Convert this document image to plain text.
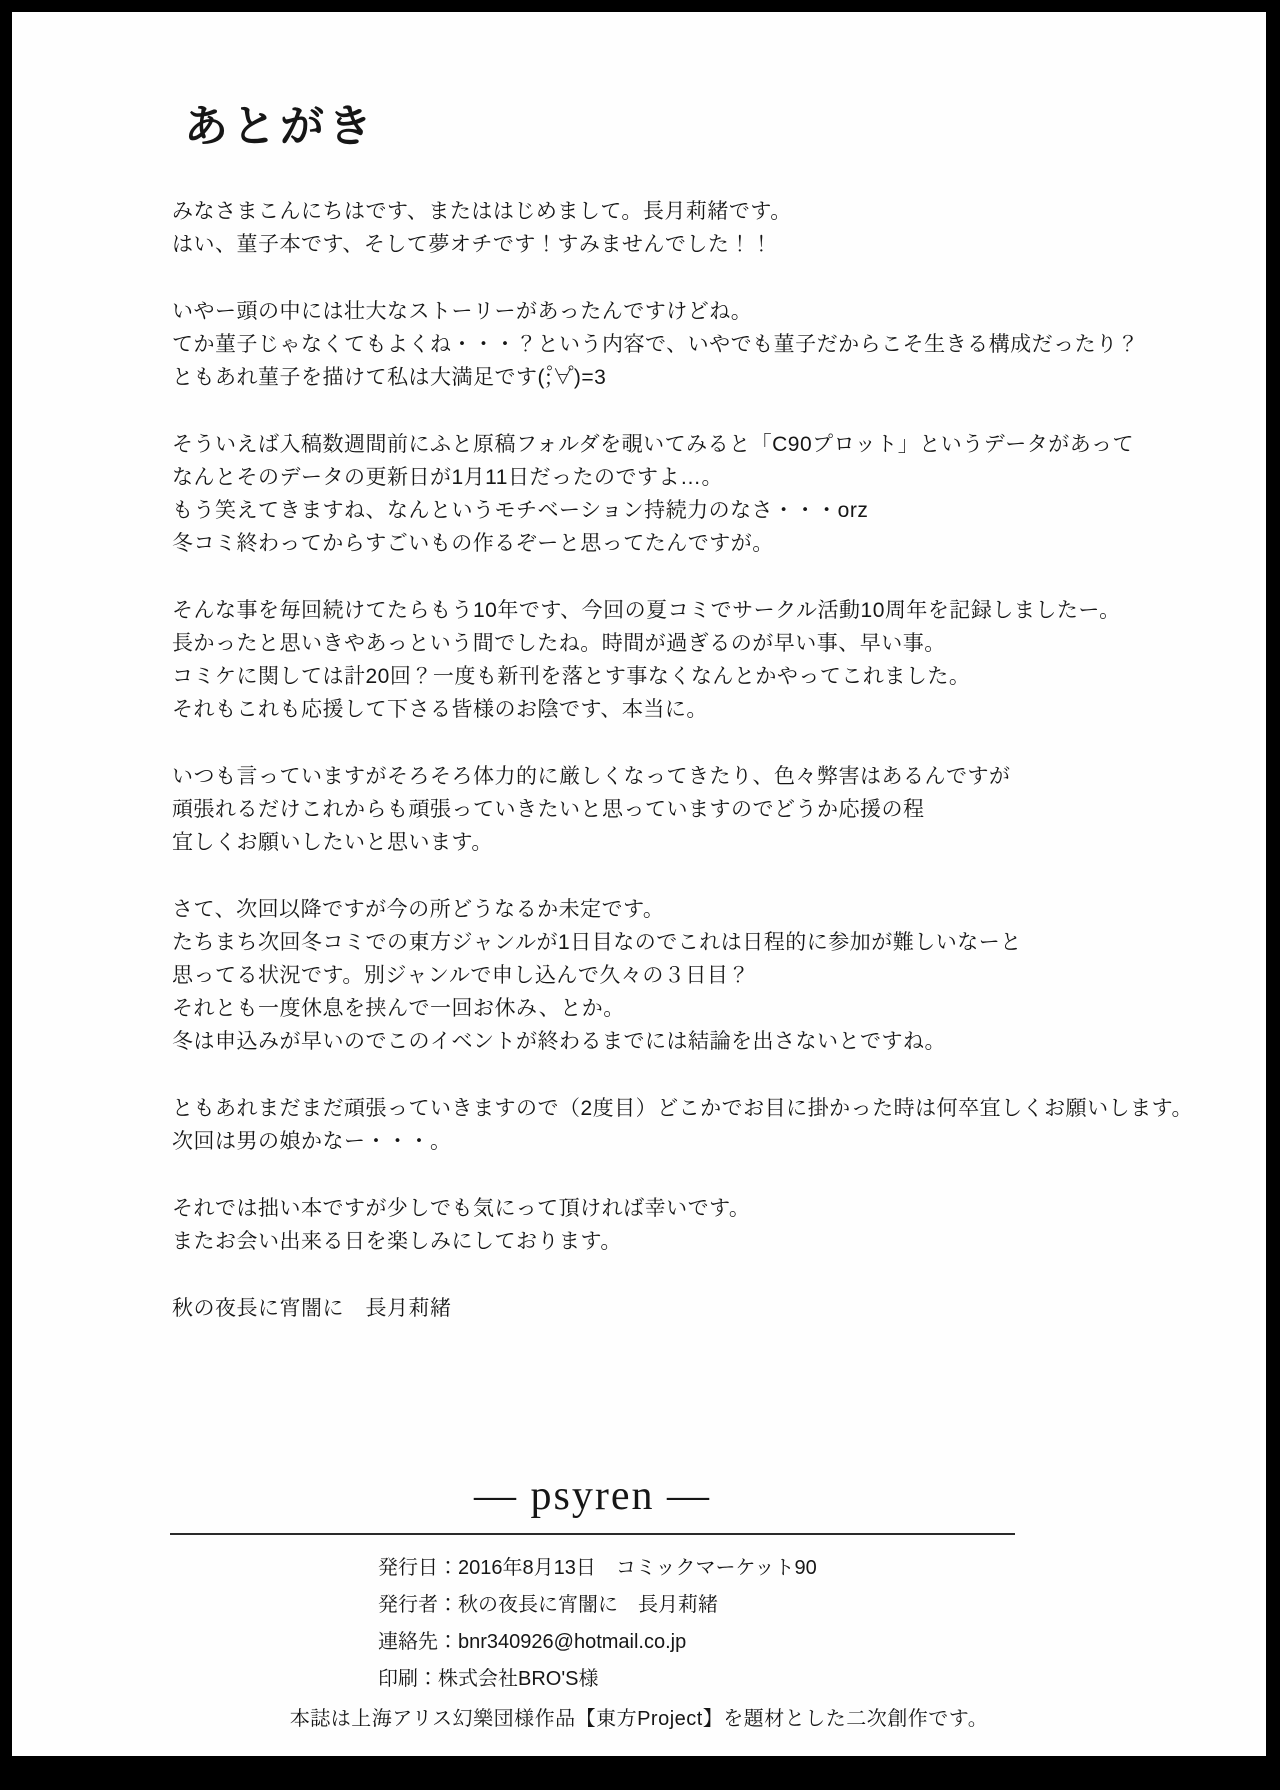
あとがき
みなさまこんにちはです、またははじめまして。長月莉緒です。
はい、菫子本です、そして夢オチです！すみませんでした！！
いやー頭の中には壮大なストーリーがあったんですけどね。
てか菫子じゃなくてもよくね・・・？という内容で、いやでも菫子だからこそ生きる構成だったり？
ともあれ菫子を描けて私は大満足です(;゚∀゚)=3
そういえば入稿数週間前にふと原稿フォルダを覗いてみると「C90プロット」というデータがあって
なんとそのデータの更新日が1月11日だったのですよ…。
もう笑えてきますね、なんというモチベーション持続力のなさ・・・orz
冬コミ終わってからすごいもの作るぞーと思ってたんですが。
そんな事を毎回続けてたらもう10年です、今回の夏コミでサークル活動10周年を記録しましたー。
長かったと思いきやあっという間でしたね。時間が過ぎるのが早い事、早い事。
コミケに関しては計20回？一度も新刊を落とす事なくなんとかやってこれました。
それもこれも応援して下さる皆様のお陰です、本当に。
いつも言っていますがそろそろ体力的に厳しくなってきたり、色々弊害はあるんですが
頑張れるだけこれからも頑張っていきたいと思っていますのでどうか応援の程
宜しくお願いしたいと思います。
さて、次回以降ですが今の所どうなるか未定です。
たちまち次回冬コミでの東方ジャンルが1日目なのでこれは日程的に参加が難しいなーと
思ってる状況です。別ジャンルで申し込んで久々の３日目？
それとも一度休息を挟んで一回お休み、とか。
冬は申込みが早いのでこのイベントが終わるまでには結論を出さないとですね。
ともあれまだまだ頑張っていきますので（2度目）どこかでお目に掛かった時は何卒宜しくお願いします。
次回は男の娘かなー・・・。
それでは拙い本ですが少しでも気にって頂ければ幸いです。
またお会い出来る日を楽しみにしております。
秋の夜長に宵闇に　長月莉緒
― psyren ―
発行日：2016年8月13日　コミックマーケット90
発行者：秋の夜長に宵闇に　長月莉緒
連絡先：bnr340926@hotmail.co.jp
印刷：株式会社BRO'S様
本誌は上海アリス幻樂団様作品【東方Project】を題材とした二次創作です。
